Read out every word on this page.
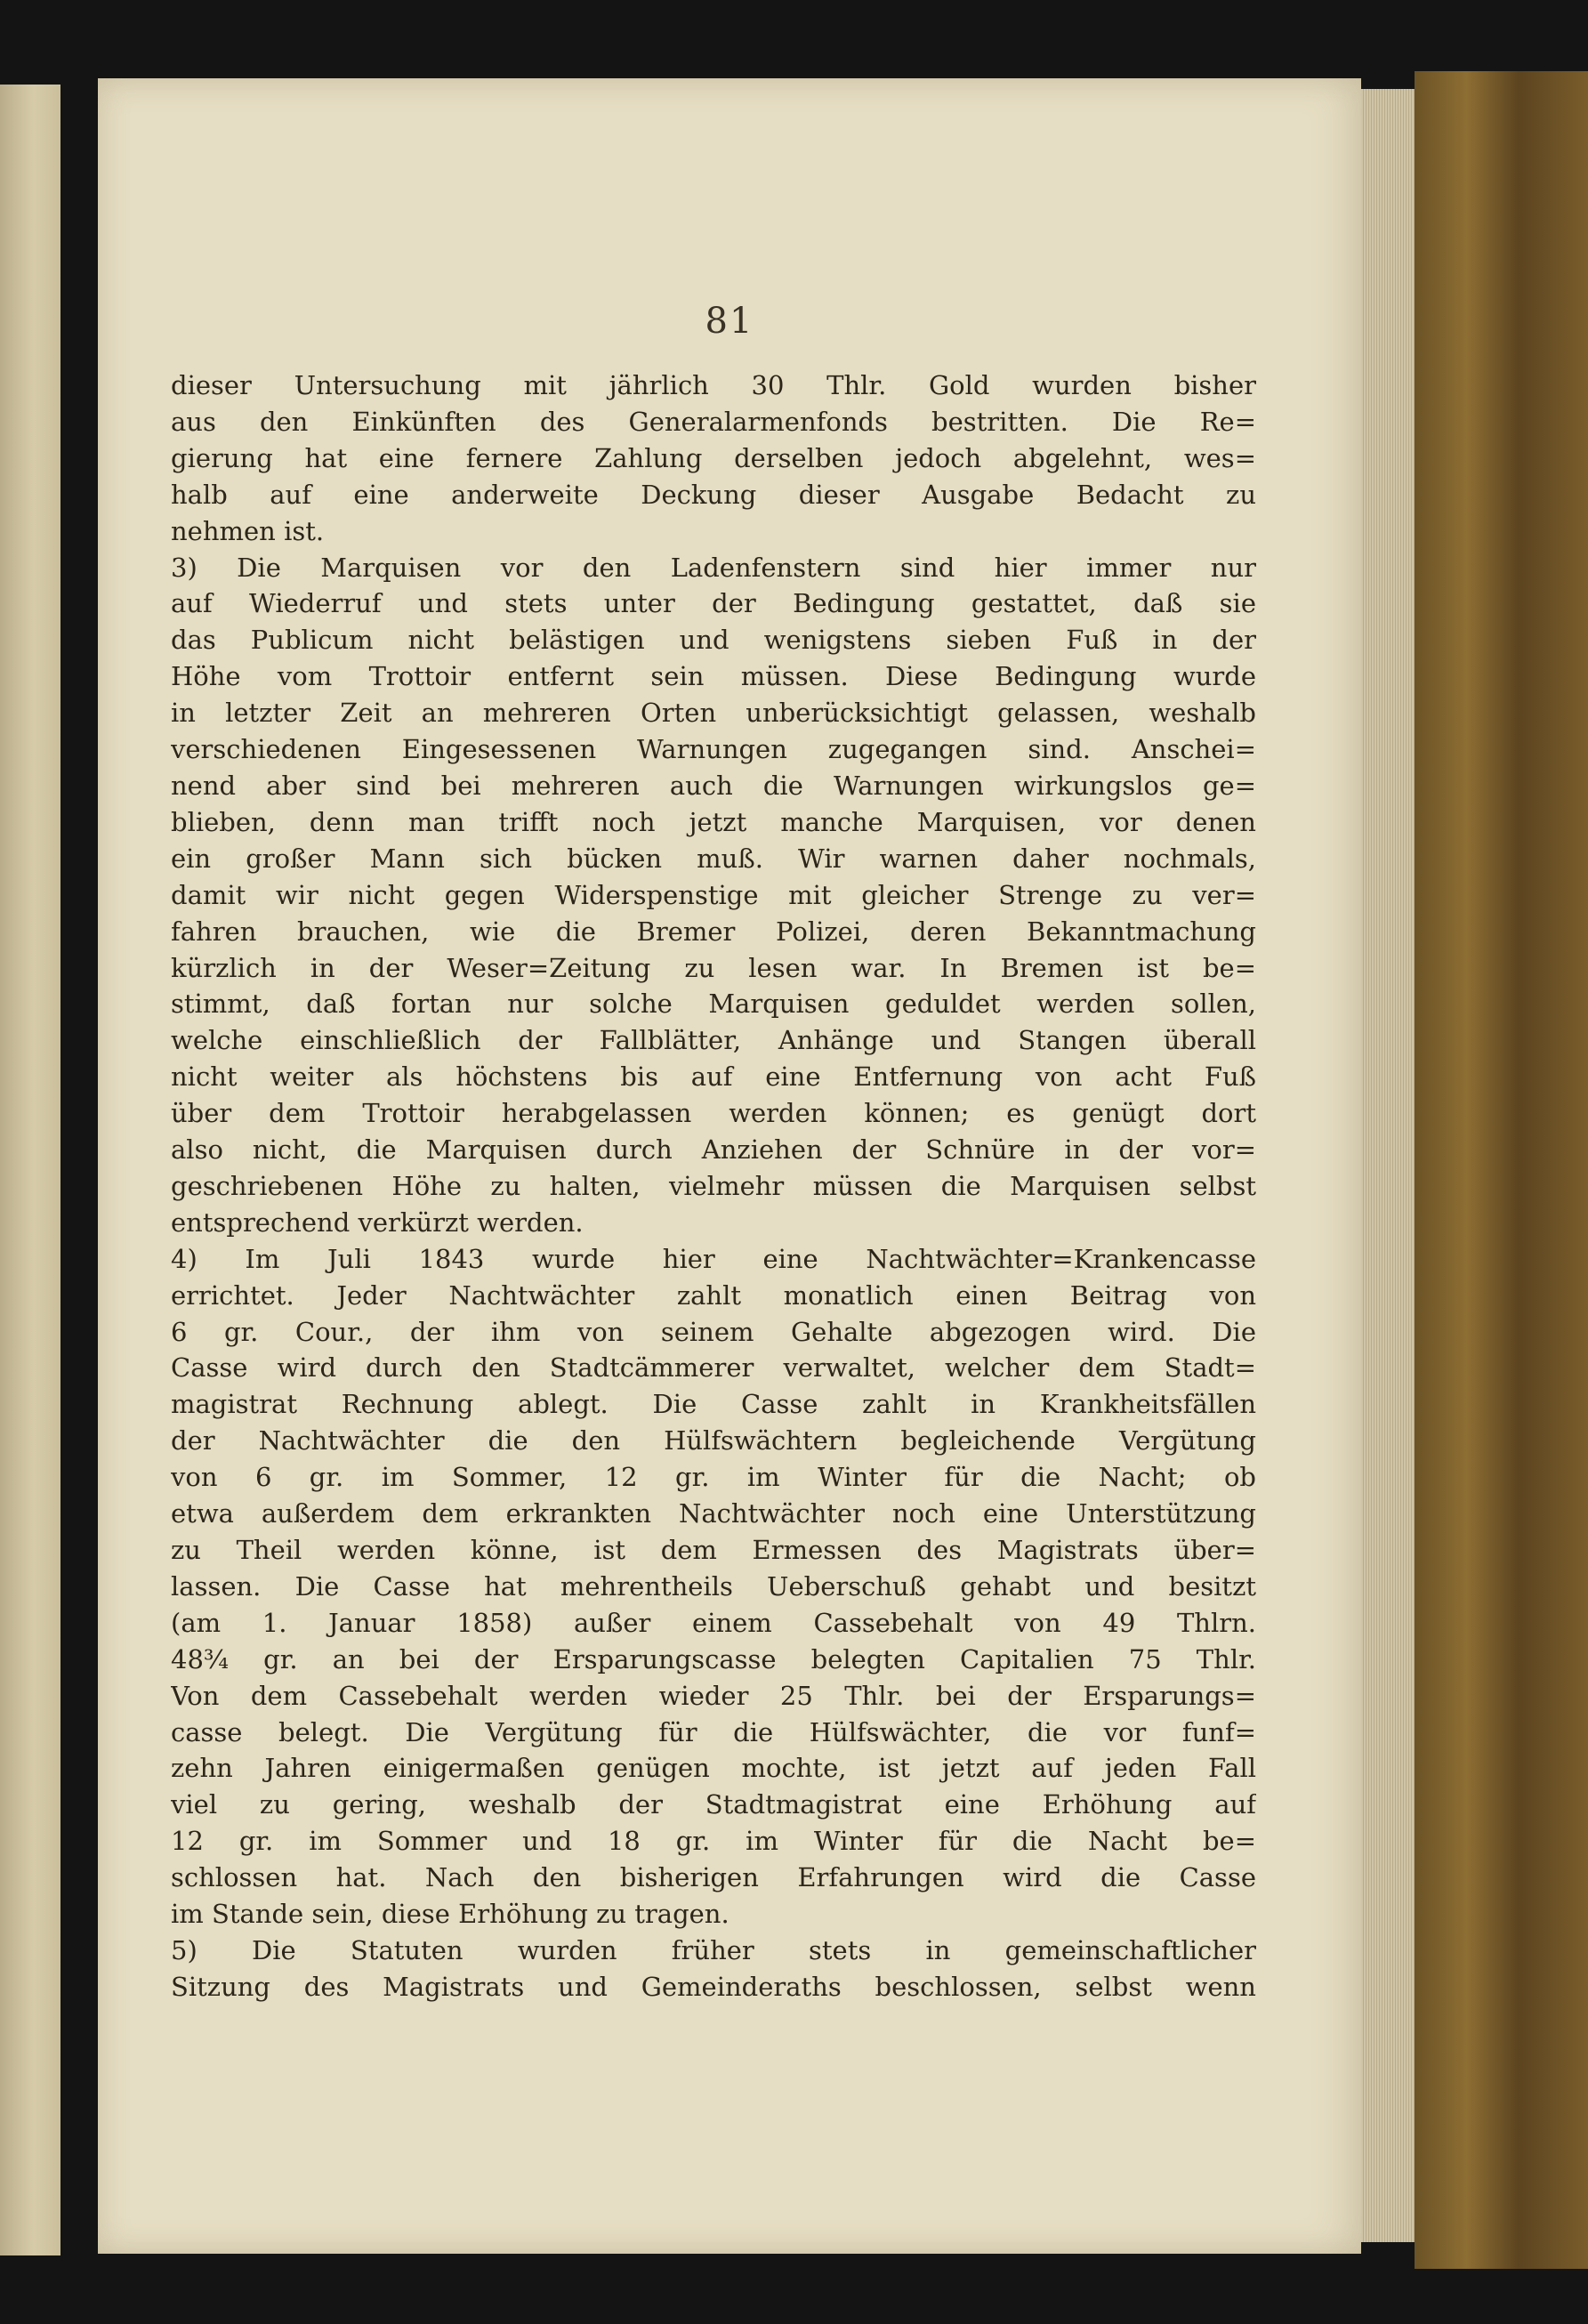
81
dieser Untersuchung mit jährlich 30 Thlr. Gold wurden bisher
aus den Einkünften des Generalarmenfonds bestritten. Die Re=
gierung hat eine fernere Zahlung derselben jedoch abgelehnt, wes=
halb auf eine anderweite Deckung dieser Ausgabe Bedacht zu
nehmen ist.
3) Die Marquisen vor den Ladenfenstern sind hier immer nur
auf Wiederruf und stets unter der Bedingung gestattet, daß sie
das Publicum nicht belästigen und wenigstens sieben Fuß in der
Höhe vom Trottoir entfernt sein müssen. Diese Bedingung wurde
in letzter Zeit an mehreren Orten unberücksichtigt gelassen, weshalb
verschiedenen Eingesessenen Warnungen zugegangen sind. Anschei=
nend aber sind bei mehreren auch die Warnungen wirkungslos ge=
blieben, denn man trifft noch jetzt manche Marquisen, vor denen
ein großer Mann sich bücken muß. Wir warnen daher nochmals,
damit wir nicht gegen Widerspenstige mit gleicher Strenge zu ver=
fahren brauchen, wie die Bremer Polizei, deren Bekanntmachung
kürzlich in der Weser=Zeitung zu lesen war. In Bremen ist be=
stimmt, daß fortan nur solche Marquisen geduldet werden sollen,
welche einschließlich der Fallblätter, Anhänge und Stangen überall
nicht weiter als höchstens bis auf eine Entfernung von acht Fuß
über dem Trottoir herabgelassen werden können; es genügt dort
also nicht, die Marquisen durch Anziehen der Schnüre in der vor=
geschriebenen Höhe zu halten, vielmehr müssen die Marquisen selbst
entsprechend verkürzt werden.
4) Im Juli 1843 wurde hier eine Nachtwächter=Krankencasse
errichtet. Jeder Nachtwächter zahlt monatlich einen Beitrag von
6 gr. Cour., der ihm von seinem Gehalte abgezogen wird. Die
Casse wird durch den Stadtcämmerer verwaltet, welcher dem Stadt=
magistrat Rechnung ablegt. Die Casse zahlt in Krankheitsfällen
der Nachtwächter die den Hülfswächtern begleichende Vergütung
von 6 gr. im Sommer, 12 gr. im Winter für die Nacht; ob
etwa außerdem dem erkrankten Nachtwächter noch eine Unterstützung
zu Theil werden könne, ist dem Ermessen des Magistrats über=
lassen. Die Casse hat mehrentheils Ueberschuß gehabt und besitzt
(am 1. Januar 1858) außer einem Cassebehalt von 49 Thlrn.
48¾ gr. an bei der Ersparungscasse belegten Capitalien 75 Thlr.
Von dem Cassebehalt werden wieder 25 Thlr. bei der Ersparungs=
casse belegt. Die Vergütung für die Hülfswächter, die vor funf=
zehn Jahren einigermaßen genügen mochte, ist jetzt auf jeden Fall
viel zu gering, weshalb der Stadtmagistrat eine Erhöhung auf
12 gr. im Sommer und 18 gr. im Winter für die Nacht be=
schlossen hat. Nach den bisherigen Erfahrungen wird die Casse
im Stande sein, diese Erhöhung zu tragen.
5) Die Statuten wurden früher stets in gemeinschaftlicher
Sitzung des Magistrats und Gemeinderaths beschlossen, selbst wenn
